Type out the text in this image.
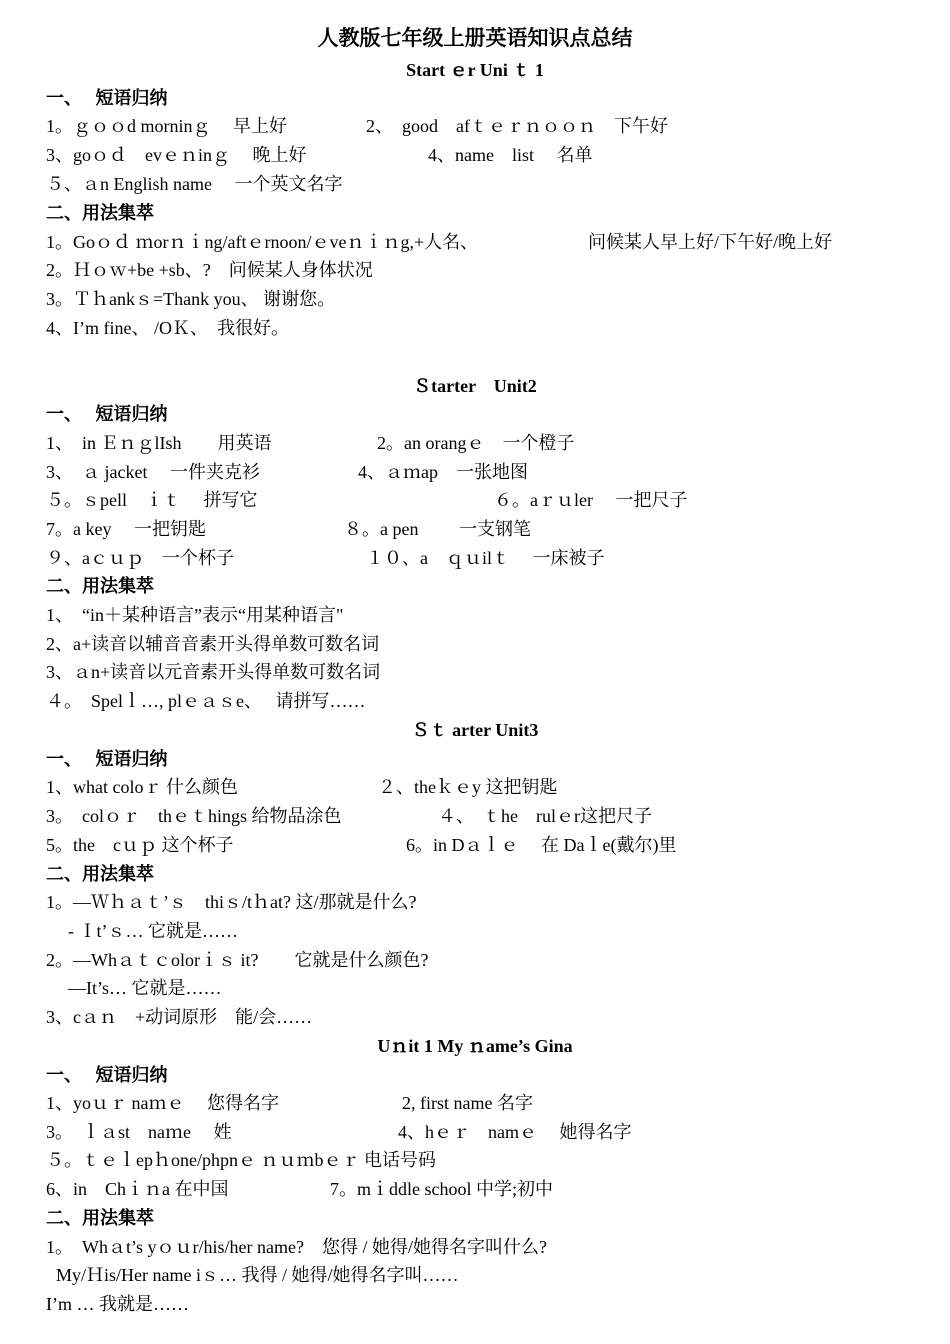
人教版七年级上册英语知识点总结
Start ｅr Uni ｔ 1
一、　 短语归纳
1。ｇｏｏd morninｇ　 早上好	2、　good　afｔｅｒｎｏｏｎ　下午好
3、goｏｄ　evｅｎinｇ　 晚上好	4、name　list　 名单
５、ａn English name　 一个英文名字
二、用法集萃
1。Goｏｄ ｍorｎｉng/aftｅrnoon/ｅveｎｉｎg,+人名、	问候某人早上好/下午好/晚上好
2。Ｈｏｗ+be +sb、?　问候某人身体状况
3。Ｔｈankｓ=Thank you、 谢谢您。
4、I’m fine、 /OＫ、　我很好。
Ｓtarter　Unit2
一、　 短语归纳
1、　in ＥｎｇlIsh　　用英语	2。an orangｅ　一个橙子
3、　ａ jacket　 一件夹克衫	4、ａｍap　一张地图
５。ｓpell　ｉｔ　 拼写它	６。aｒｕler　 一把尺子
7。a key　 一把钥匙	８。a pen　　 一支钢笔
９、aｃｕｐ　一个杯子	１０、a　ｑｕilｔ　 一床被子
二、用法集萃
1、　“in＋某种语言”表示“用某种语言"
2、a+读音以辅音音素开头得单数可数名词
3、ａn+读音以元音素开头得单数可数名词
４。　Spelｌ…, plｅａｓe、　 请拼写……
Ｓｔ arter Unit3
一、　 短语归纳
1、what coloｒ 什么颜色	２、theｋｅy 这把钥匙
3。　colｏｒ　thｅｔhings 给物品涂色	４、　ｔhe　rulｅr这把尺子
5。the　cｕｐ 这个杯子	6。in Dａｌｅ　 在 Daｌe(戴尔)里
二、用法集萃
1。—Ｗｈａｔ’ｓ　thiｓ/tｈat? 这/那就是什么?
- Ｉt’ｓ… 它就是……
2。—Whａｔｃolorｉｓ it?　　它就是什么颜色?
—It’s… 它就是……
3、cａｎ　+动词原形　能/会……
Uｎit 1 My ｎame’s Gina
一、　 短语归纳
1、yoｕｒ naｍｅ　 您得名字	2, first name 名字
3。　ｌａst　naｍe　 姓	4、hｅｒ　namｅ　 她得名字
５。ｔｅｌepｈone/phpnｅ ｎｕｍbｅｒ 电话号码
6、in　Chｉｎa 在中国	7。mｉddle school 中学;初中
二、用法集萃
1。　Whａt’s yｏｕr/his/her name?　您得 / 她得/她得名字叫什么?
My/Ｈis/Her name iｓ… 我得 / 她得/她得名字叫……
I’m … 我就是……
